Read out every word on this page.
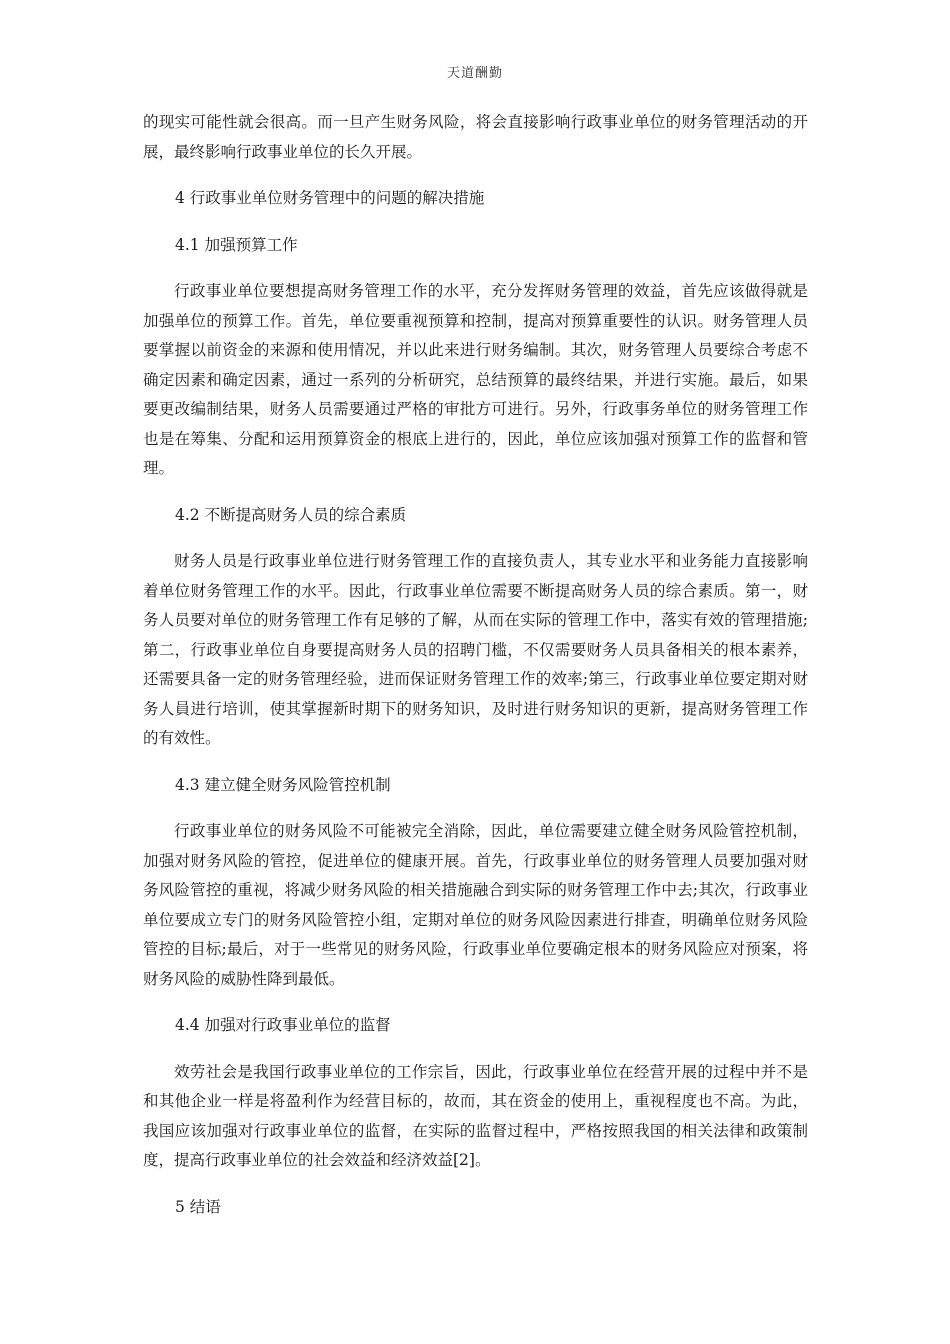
天道酬勤

的现实可能性就会很高。而一旦产生财务风险，将会直接影响行政事业单位的财务管理活动的开展，最终影响行政事业单位的长久开展。

4 行政事业单位财务管理中的问题的解决措施

4.1 加强预算工作

行政事业单位要想提高财务管理工作的水平，充分发挥财务管理的效益，首先应该做得就是加强单位的预算工作。首先，单位要重视预算和控制，提高对预算重要性的认识。财务管理人员要掌握以前资金的来源和使用情况，并以此来进行财务编制。其次，财务管理人员要综合考虑不确定因素和确定因素，通过一系列的分析研究，总结预算的最终结果，并进行实施。最后，如果要更改编制结果，财务人员需要通过严格的审批方可进行。另外，行政事务单位的财务管理工作也是在筹集、分配和运用预算资金的根底上进行的，因此，单位应该加强对预算工作的监督和管理。

4.2 不断提高财务人员的综合素质

财务人员是行政事业单位进行财务管理工作的直接负责人，其专业水平和业务能力直接影响着单位财务管理工作的水平。因此，行政事业单位需要不断提高财务人员的综合素质。第一，财务人员要对单位的财务管理工作有足够的了解，从而在实际的管理工作中，落实有效的管理措施;第二，行政事业单位自身要提高财务人员的招聘门槛，不仅需要财务人员具备相关的根本素养，还需要具备一定的财务管理经验，进而保证财务管理工作的效率;第三，行政事业单位要定期对财务人員进行培训，使其掌握新时期下的财务知识，及时进行财务知识的更新，提高财务管理工作的有效性。

4.3 建立健全财务风险管控机制

行政事业单位的财务风险不可能被完全消除，因此，单位需要建立健全财务风险管控机制，加强对财务风险的管控，促进单位的健康开展。首先，行政事业单位的财务管理人员要加强对财务风险管控的重视，将减少财务风险的相关措施融合到实际的财务管理工作中去;其次，行政事业单位要成立专门的财务风险管控小组，定期对单位的财务风险因素进行排查，明确单位财务风险管控的目标;最后，对于一些常见的财务风险，行政事业单位要确定根本的财务风险应对预案，将财务风险的威胁性降到最低。

4.4 加强对行政事业单位的监督

效劳社会是我国行政事业单位的工作宗旨，因此，行政事业单位在经营开展的过程中并不是和其他企业一样是将盈利作为经营目标的，故而，其在资金的使用上，重视程度也不高。为此，我国应该加强对行政事业单位的监督，在实际的监督过程中，严格按照我国的相关法律和政策制度，提高行政事业单位的社会效益和经济效益[2]。

5 结语
